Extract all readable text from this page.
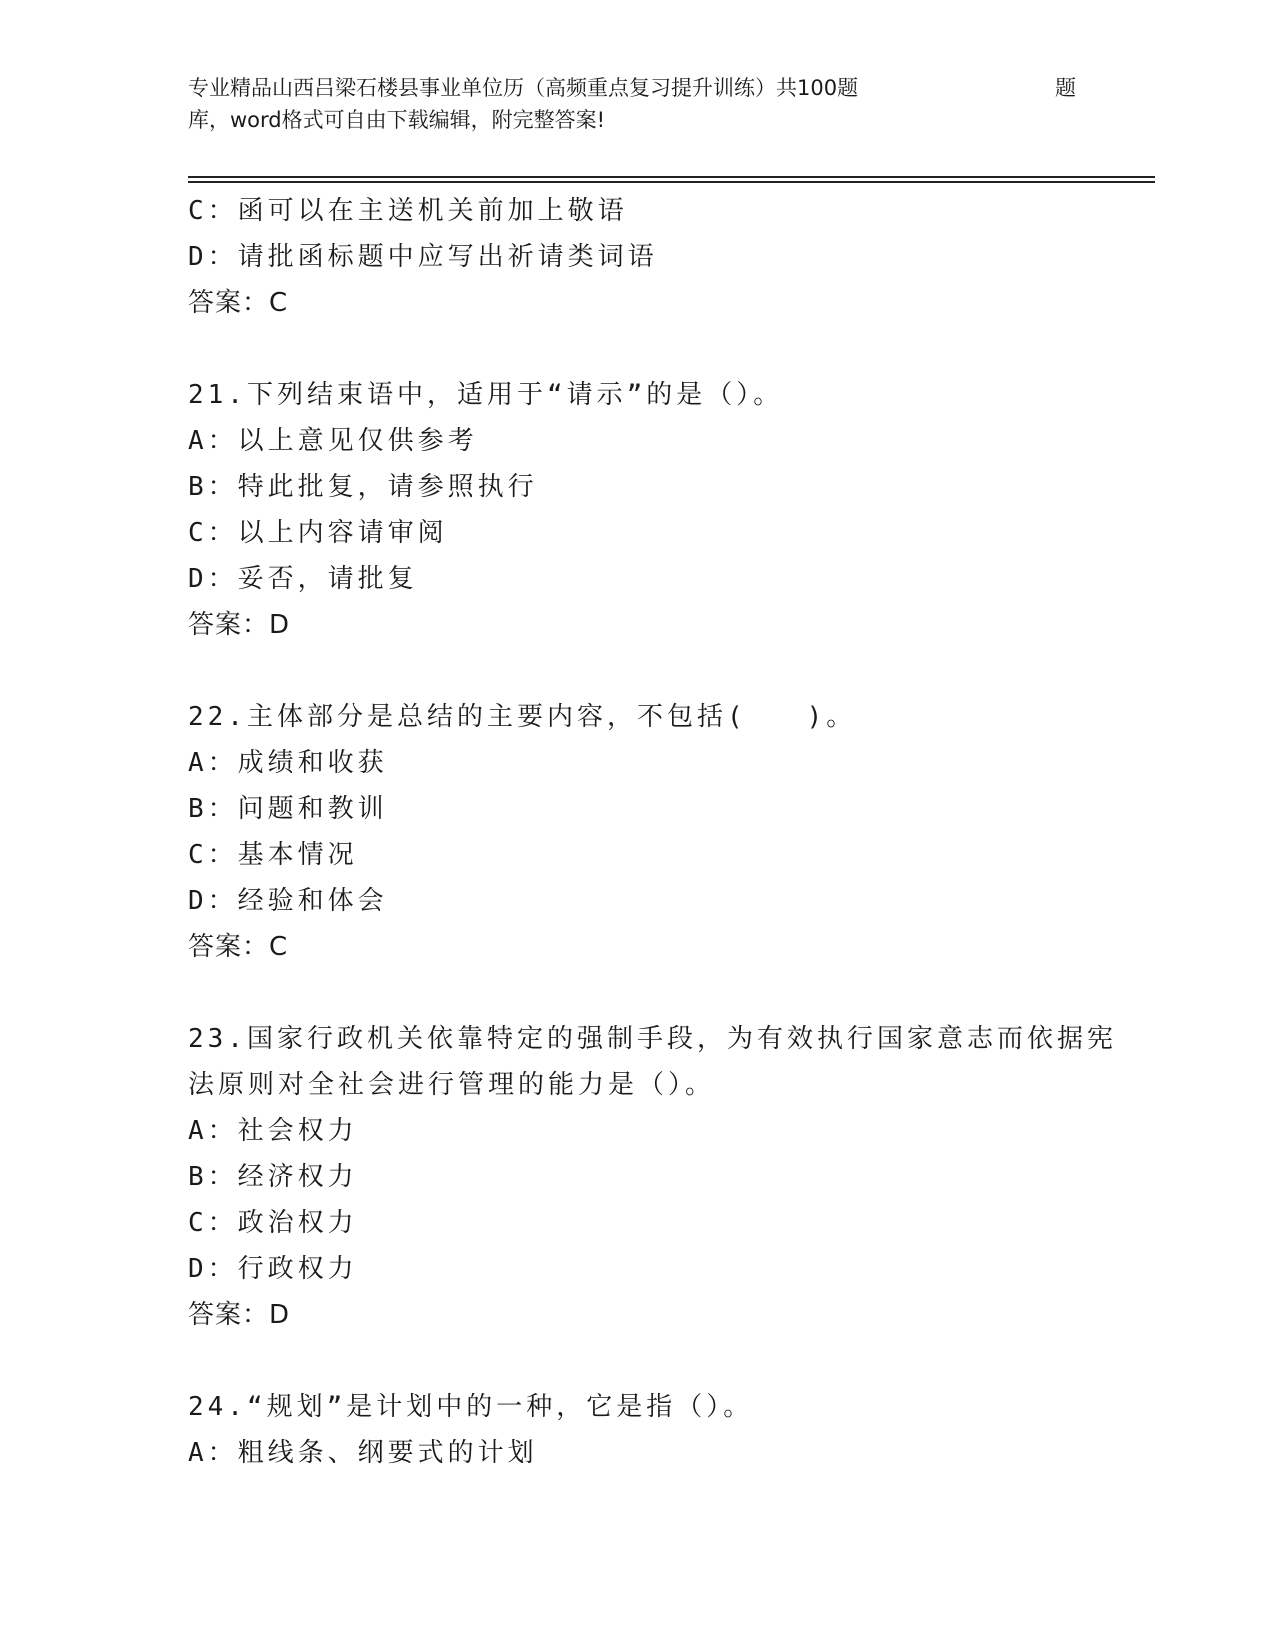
专业精品山西吕梁石楼县事业单位历（高频重点复习提升训练）共100题	题
库，word格式可自由下载编辑，附完整答案!
C：函可以在主送机关前加上敬语
D：请批函标题中应写出祈请类词语
答案：C
21.下列结束语中，适用于“请示”的是（）。
A：以上意见仅供参考
B：特此批复，请参照执行
C：以上内容请审阅
D：妥否，请批复
答案：D
22.主体部分是总结的主要内容，不包括(　　)。
A：成绩和收获
B：问题和教训
C：基本情况
D：经验和体会
答案：C
23.国家行政机关依靠特定的强制手段，为有效执行国家意志而依据宪
法原则对全社会进行管理的能力是（）。
A：社会权力
B：经济权力
C：政治权力
D：行政权力
答案：D
24.“规划”是计划中的一种，它是指（）。
A：粗线条、纲要式的计划
